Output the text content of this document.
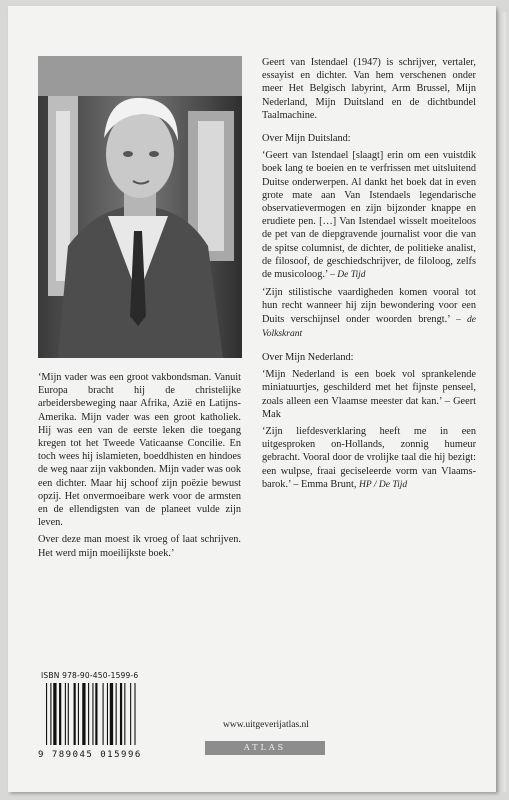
‘Mijn vader was een groot vakbondsman. Vanuit Europa bracht hij de christelijke arbeidersbeweging naar Afrika, Azië en Latijns-Amerika. Mijn vader was een groot katholiek. Hij was een van de eerste leken die toegang kregen tot het Tweede Vaticaanse Concilie. En toch wees hij islamieten, boeddhisten en hindoes de weg naar zijn vakbonden. Mijn vader was ook een dichter. Maar hij schoof zijn poëzie bewust opzij. Het onvermoeibare werk voor de armsten en de ellendigsten van de planeet vulde zijn leven.

Over deze man moest ik vroeg of laat schrijven. Het werd mijn moeilijkste boek.’

Geert van Istendael (1947) is schrijver, vertaler, essayist en dichter. Van hem verschenen onder meer Het Belgisch labyrint, Arm Brussel, Mijn Nederland, Mijn Duitsland en de dichtbundel Taalmachine.

Over Mijn Duitsland:

‘Geert van Istendael [slaagt] erin om een vuistdik boek lang te boeien en te verfrissen met uitsluitend Duitse onderwerpen. Al dankt het boek dat in even grote mate aan Van Istendaels legendarische observatievermogen en zijn bijzonder knappe en erudiete pen. […] Van Istendael wisselt moeiteloos de pet van de diepgravende journalist voor die van de spitse columnist, de dichter, de politieke analist, de filosoof, de geschiedschrijver, de filoloog, zelfs de musicoloog.’ – De Tijd

‘Zijn stilistische vaardigheden komen vooral tot hun recht wanneer hij zijn bewondering voor een Duits verschijnsel onder woorden brengt.’ – de Volkskrant

Over Mijn Nederland:

‘Mijn Nederland is een boek vol sprankelende miniatuurtjes, geschilderd met het fijnste penseel, zoals alleen een Vlaamse meester dat kan.’ – Geert Mak

‘Zijn liefdesverklaring heeft me in een uitgesproken on-Hollands, zonnig humeur gebracht. Vooral door de vrolijke taal die hij bezigt: een wulpse, fraai geciseleerde vorm van Vlaams-barok.’ – Emma Brunt, HP / De Tijd

ISBN 978-90-450-1599-6
9 789045 015996
www.uitgeverijatlas.nl
ATLAS
